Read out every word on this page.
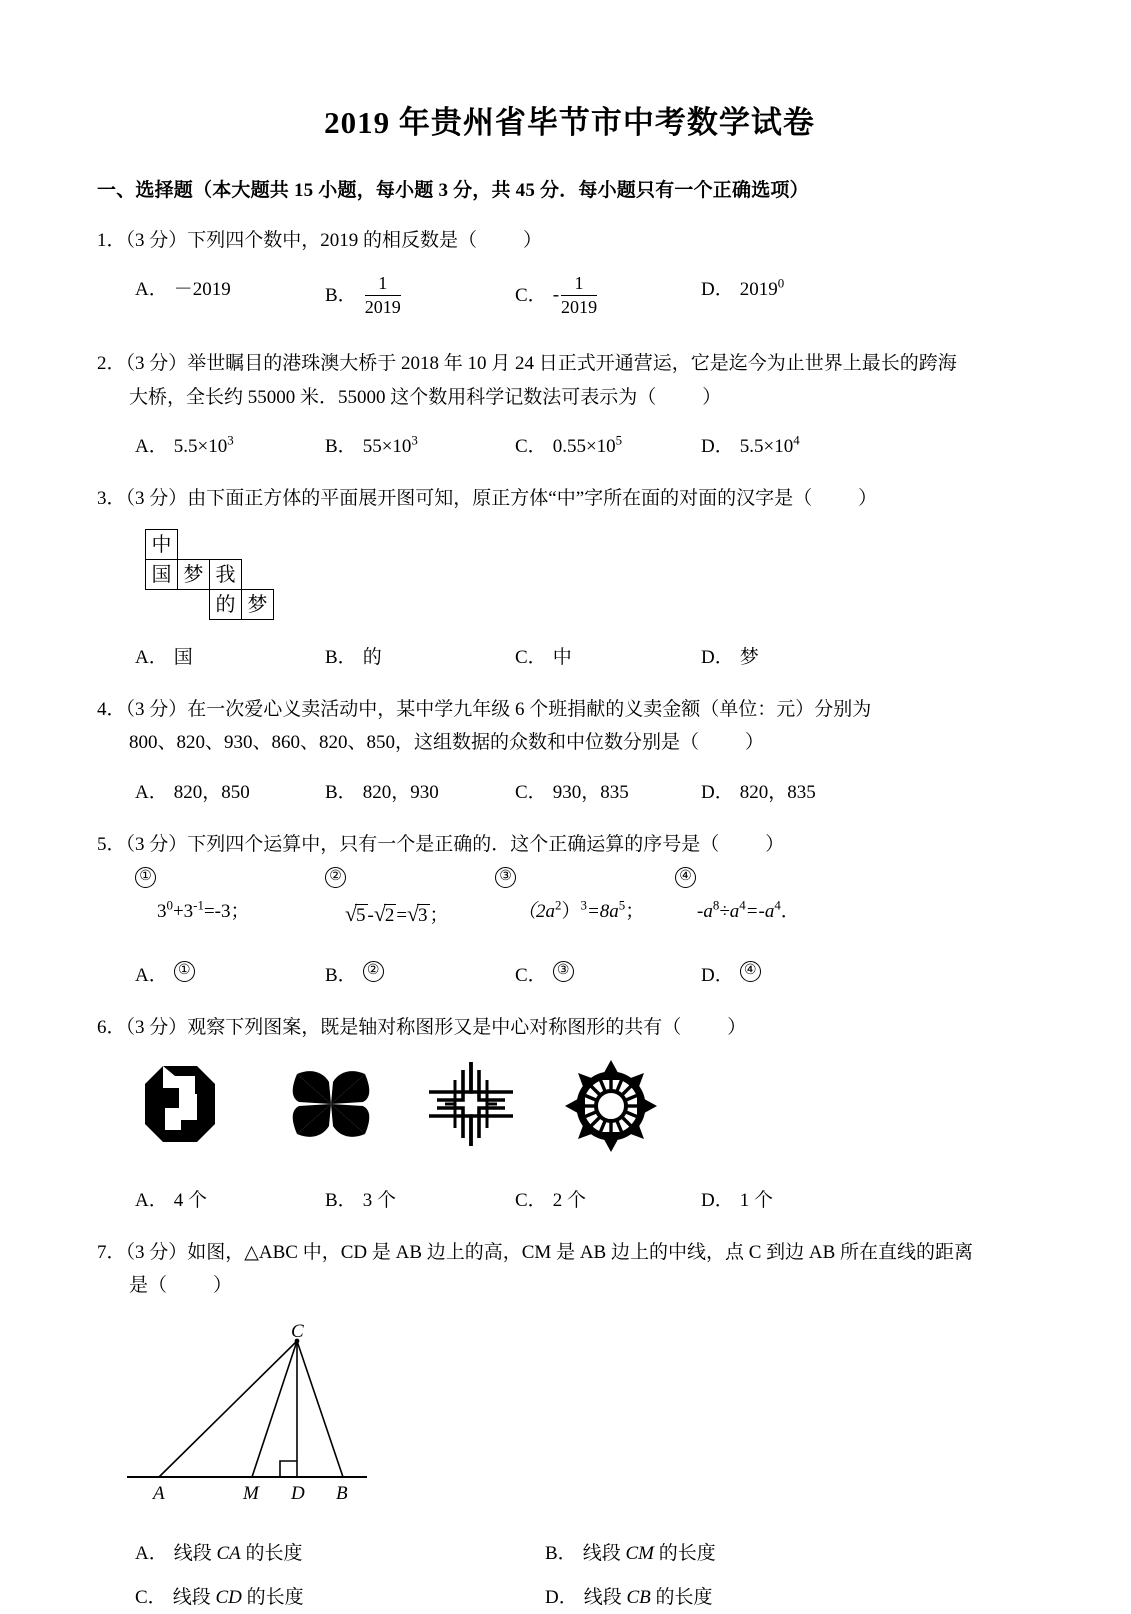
2019 年贵州省毕节市中考数学试卷
一、选择题（本大题共 15 小题，每小题 3 分，共 45 分．每小题只有一个正确选项）
1．（3 分）下列四个数中，2019 的相反数是（ ）
A． －2019	B． $\frac{1}{2019}$	C． - $\frac{1}{2019}$	D． 2019$^0$
2．（3 分）举世瞩目的港珠澳大桥于 2018 年 10 月 24 日正式开通营运，它是迄今为止世界上最长的跨海
大桥，全长约 55000 米．55000 这个数用科学记数法可表示为（ ）
A． $5.5\times 10^3$	B． $55\times 10^3$	C． $0.55\times 10^5$	D． $5.5\times 10^4$
3．（3 分）由下面正方体的平面展开图可知，原正方体“中”字所在面的对面的汉字是（ ）
中
国 梦 我
的 梦
A． 国	B． 的	C． 中	D． 梦
4．（3 分）在一次爱心义卖活动中，某中学九年级 6 个班捐献的义卖金额（单位：元）分别为
800、820、930、860、820、850，这组数据的众数和中位数分别是（ ）
A． 820，850	B． 820，930	C． 930，835	D． 820，835
5．（3 分）下列四个运算中，只有一个是正确的．这个正确运算的序号是（ ）
①
$3^0+3^{-1}=-3$；
②
√5 -√2 =√3 ；
③
$(2a^2)^3=8a^5$；
④
$-a^8\div a^4=-a^4$．
A． ①	B． ②	C． ③	D． ④
6．（3 分）观察下列图案，既是轴对称图形又是中心对称图形的共有（ ）
A． 4 个	B． 3 个	C． 2 个	D． 1 个
7．（3 分）如图，△ABC 中，CD 是 AB 边上的高，CM 是 AB 边上的中线，点 C 到边 AB 所在直线的距离
是（ ）
C
A	M D B
A． 线段 CA 的长度	B． 线段 CM 的长度
C． 线段 CD 的长度	D． 线段 CB 的长度
